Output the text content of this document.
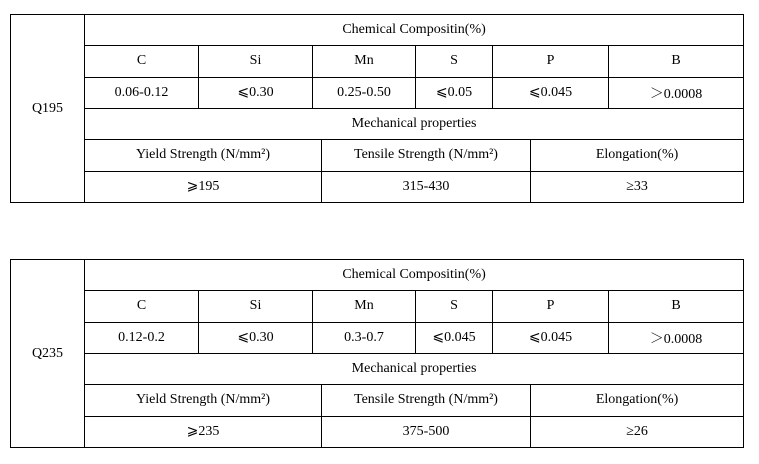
Q195	Chemical Compositin(%)							
	C	Si	Mn		S	P		B
	0.06-0.12	⩽0.30	0.25-0.50		⩽0.05	⩽0.045		＞0.0008
	Mechanical properties							
	Yield Strength (N/mm²)			Tensile Strength (N/mm²)			Elongation(%)	
	⩾195			315-430			≥33	
Q235	Chemical Compositin(%)							
	C	Si	Mn		S	P		B
	0.12-0.2	⩽0.30	0.3-0.7		⩽0.045	⩽0.045		＞0.0008
	Mechanical properties							
	Yield Strength (N/mm²)			Tensile Strength (N/mm²)			Elongation(%)	
	⩾235			375-500			≥26	
